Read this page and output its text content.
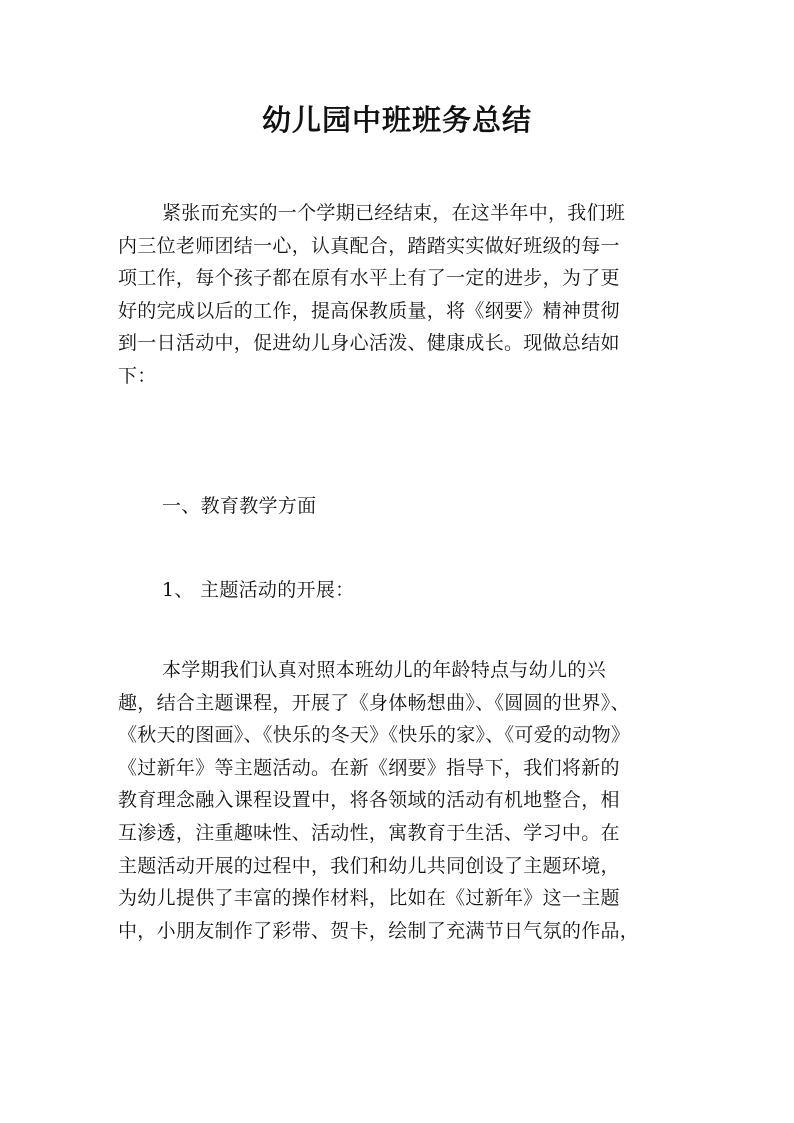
幼儿园中班班务总结
紧张而充实的一个学期已经结束，在这半年中，我们班
内三位老师团结一心，认真配合，踏踏实实做好班级的每一
项工作，每个孩子都在原有水平上有了一定的进步，为了更
好的完成以后的工作，提高保教质量，将《纲要》精神贯彻
到一日活动中，促进幼儿身心活泼、健康成长。现做总结如
下：
一、教育教学方面
1、 主题活动的开展：
本学期我们认真对照本班幼儿的年龄特点与幼儿的兴
趣，结合主题课程，开展了《身体畅想曲》、《圆圆的世界》、
《秋天的图画》、《快乐的冬天》《快乐的家》、《可爱的动物》
《过新年》等主题活动。在新《纲要》指导下，我们将新的
教育理念融入课程设置中，将各领域的活动有机地整合，相
互渗透，注重趣味性、活动性，寓教育于生活、学习中。在
主题活动开展的过程中，我们和幼儿共同创设了主题环境，
为幼儿提供了丰富的操作材料，比如在《过新年》这一主题
中，小朋友制作了彩带、贺卡，绘制了充满节日气氛的作品，
